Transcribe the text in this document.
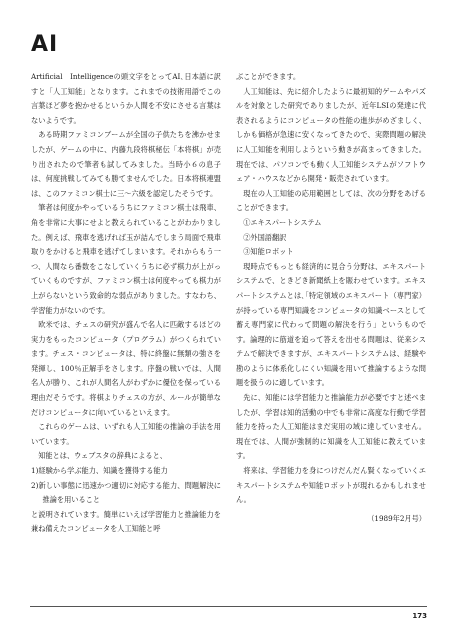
AI

Artificial　Intelligenceの頭文字をとってAI､日本語に訳すと「人工知能」となります。これまでの技術用語でこの言葉ほど夢を抱かせるというか人間を不安にさせる言葉はないようです。

ある時期ファミコンブームが全国の子供たちを沸かせましたが、ゲームの中に、内藤九段将棋秘伝「本将棋」が売り出されたので筆者も試してみました。当時小６の息子は、何度挑戦してみても勝てませんでした。日本将棋連盟は、このファミコン棋士に三～六級を認定したそうです。

筆者は何度かやっているうちにファミコン棋士は飛車、角を非常に大事にせよと教えられていることがわかりました。例えば、飛車を逃げれば玉が詰んでしまう局面で飛車取りをかけると飛車を逃げてしまいます。それからもう一つ、人間なら番数をこなしていくうちに必ず棋力が上がっていくものですが、ファミコン棋士は何度やっても棋力が上がらないという致命的な弱点がありました。すなわち、学習能力がないのです。

欧米では、チェスの研究が盛んで名人に匹敵するほどの実力をもったコンピュータ（プログラム）がつくられています。チェス・コンピュータは、特に終盤に無類の強さを発揮し、100％正解手をさします。序盤の戦いでは、人間名人が勝り、これが人間名人がわずかに優位を保っている理由だそうです。将棋よりチェスの方が、ルールが簡単なだけコンピュータに向いているといえます。

これらのゲームは、いずれも人工知能の推論の手法を用いています。

知能とは、ウェブスタの辞典によると、

1)経験から学ぶ能力、知識を獲得する能力

2)新しい事態に迅速かつ適切に対応する能力、問題解決に推論を用いること

と説明されています。簡単にいえば学習能力と推論能力を兼ね備えたコンピュータを人工知能と呼

ぶことができます。

人工知能は、先に紹介したように最初知的ゲームやパズルを対象とした研究でありましたが、近年LSIの発達に代表されるようにコンピュータの性能の進歩がめざましく、しかも価格が急速に安くなってきたので、実際問題の解決に人工知能を利用しようという動きが高まってきました。現在では、パソコンでも動く人工知能システムがソフトウェア・ハウスなどから開発・販売されています。

現在の人工知能の応用範囲としては、次の分野をあげることができます。

①エキスパートシステム

②外国語翻訳

③知能ロボット

現時点でもっとも経済的に見合う分野は、エキスパートシステムで、ときどき新聞紙上を賑わせています。エキスパートシステムとは､｢特定領域のエキスパート（専門家）が持っている専門知識をコンピュータの知識ベースとして蓄え専門家に代わって問題の解決を行う」というものです。論理的に筋道を追って答えを出せる問題は、従来システムで解決できますが、エキスパートシステムは、経験や勘のように体系化しにくい知識を用いて推論するような問題を扱うのに適しています。

先に、知能には学習能力と推論能力が必要ですと述べましたが、学習は知的活動の中でも非常に高度な行動で学習能力を持った人工知能はまだ実用の域に達していません。現在では、人間が強制的に知識を人工知能に教えています。

将来は、学習能力を身につけだんだん賢くなっていくエキスパートシステムや知能ロボットが現れるかもしれません。

（1989年2月号）

173
